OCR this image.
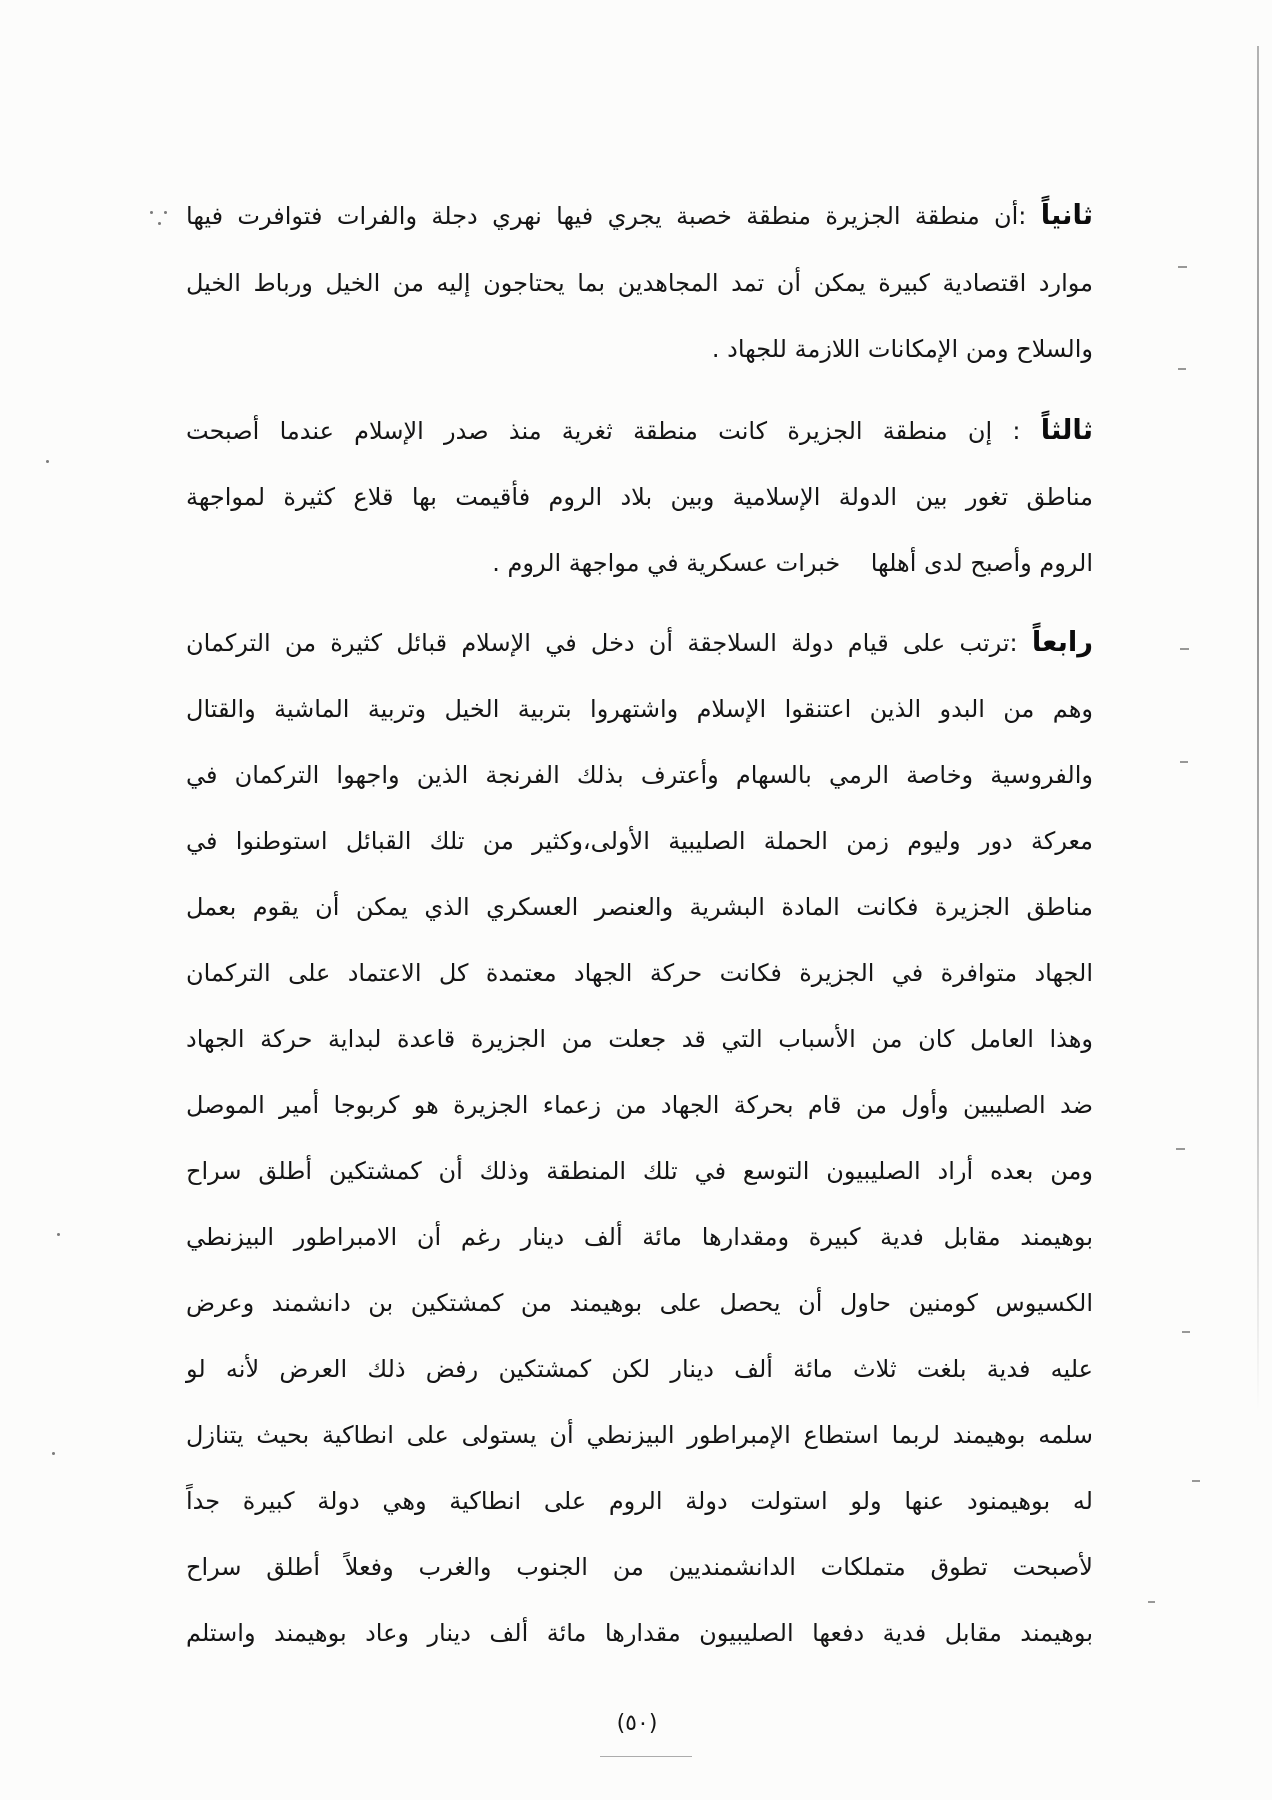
ثانياً :أن منطقة الجزيرة منطقة خصبة يجري فيها نهري دجلة والفرات فتوافرت فيها
موارد اقتصادية كبيرة يمكن أن تمد المجاهدين بما يحتاجون إليه من الخيل ورباط الخيل
والسلاح ومن الإمكانات اللازمة للجهاد .
ثالثاً : إن منطقة الجزيرة كانت منطقة ثغرية منذ صدر الإسلام عندما أصبحت
مناطق تغور بين الدولة الإسلامية وبين بلاد الروم فأقيمت بها قلاع كثيرة لمواجهة
الروم وأصبح لدى أهلها    خبرات عسكرية في مواجهة الروم .
رابعاً :ترتب على قيام دولة السلاجقة أن دخل في الإسلام قبائل كثيرة من التركمان
وهم من البدو الذين اعتنقوا الإسلام واشتهروا بتربية الخيل وتربية الماشية والقتال
والفروسية وخاصة الرمي بالسهام وأعترف بذلك الفرنجة الذين واجهوا التركمان في
معركة دور وليوم زمن الحملة الصليبية الأولى،وكثير من تلك القبائل استوطنوا في
مناطق الجزيرة فكانت المادة البشرية والعنصر العسكري الذي يمكن أن يقوم بعمل
الجهاد متوافرة في الجزيرة فكانت حركة الجهاد معتمدة كل الاعتماد على التركمان
وهذا العامل كان من الأسباب التي قد جعلت من الجزيرة قاعدة لبداية حركة الجهاد
ضد الصليبين وأول من قام بحركة الجهاد من زعماء الجزيرة هو كربوجا أمير الموصل
ومن بعده أراد الصليبيون التوسع في تلك المنطقة وذلك أن كمشتكين أطلق سراح
بوهيمند مقابل فدية كبيرة ومقدارها مائة ألف دينار رغم أن الامبراطور البيزنطي
الكسيوس كومنين حاول أن يحصل على بوهيمند من كمشتكين بن دانشمند وعرض
عليه فدية بلغت ثلاث مائة ألف دينار لكن كمشتكين رفض ذلك العرض لأنه لو
سلمه بوهيمند لربما استطاع الإمبراطور البيزنطي أن يستولى على انطاكية بحيث يتنازل
له بوهيمنود عنها ولو استولت دولة الروم على انطاكية وهي دولة كبيرة جداً
لأصبحت تطوق متملكات الدانشمنديين من الجنوب والغرب وفعلاً أطلق سراح
بوهيمند مقابل فدية دفعها الصليبيون مقدارها مائة ألف دينار وعاد بوهيمند واستلم
(٥٠)
